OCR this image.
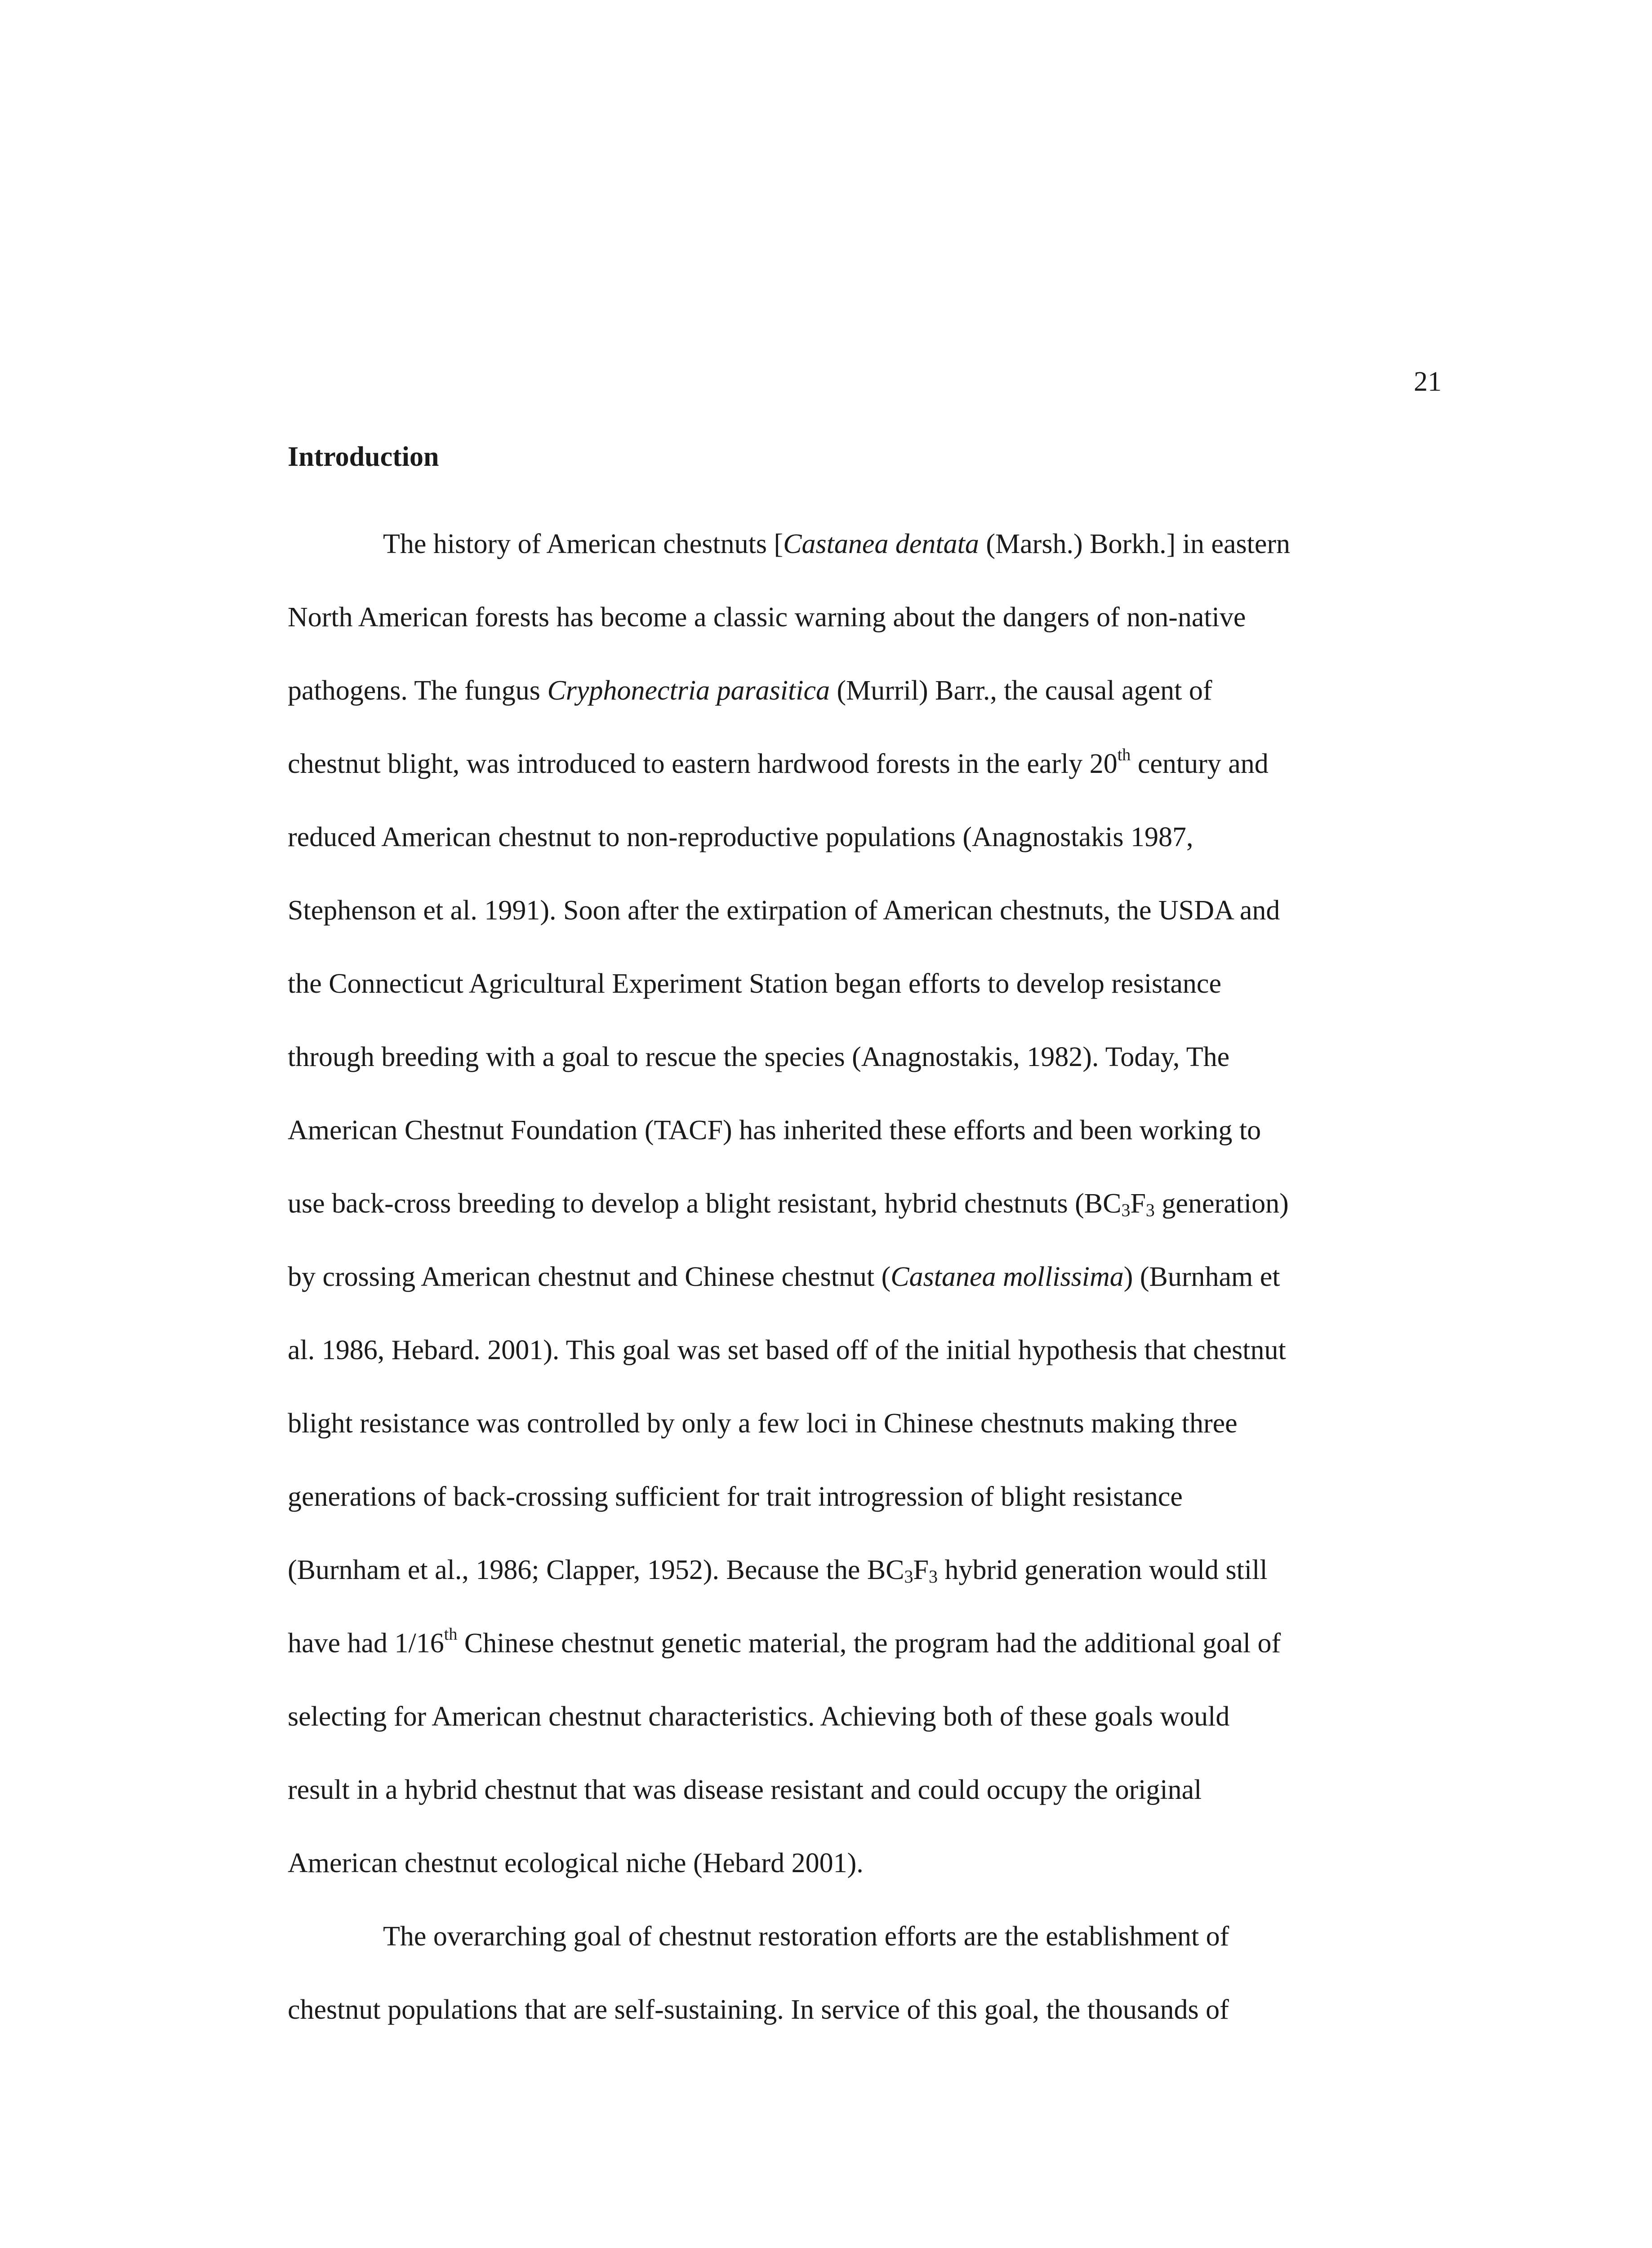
21
Introduction
The history of American chestnuts [Castanea dentata (Marsh.) Borkh.] in eastern
North American forests has become a classic warning about the dangers of non-native
pathogens. The fungus Cryphonectria parasitica (Murril) Barr., the causal agent of
chestnut blight, was introduced to eastern hardwood forests in the early 20th century and
reduced American chestnut to non-reproductive populations (Anagnostakis 1987,
Stephenson et al. 1991). Soon after the extirpation of American chestnuts, the USDA and
the Connecticut Agricultural Experiment Station began efforts to develop resistance
through breeding with a goal to rescue the species (Anagnostakis, 1982). Today, The
American Chestnut Foundation (TACF) has inherited these efforts and been working to
use back-cross breeding to develop a blight resistant, hybrid chestnuts ($BC_3F_3$ generation)
by crossing American chestnut and Chinese chestnut (Castanea mollissima) (Burnham et
al. 1986, Hebard. 2001). This goal was set based off of the initial hypothesis that chestnut
blight resistance was controlled by only a few loci in Chinese chestnuts making three
generations of back-crossing sufficient for trait introgression of blight resistance
(Burnham et al., 1986; Clapper, 1952). Because the $BC_3F_3$ hybrid generation would still
have had 1/16th Chinese chestnut genetic material, the program had the additional goal of
selecting for American chestnut characteristics. Achieving both of these goals would
result in a hybrid chestnut that was disease resistant and could occupy the original
American chestnut ecological niche (Hebard 2001).
The overarching goal of chestnut restoration efforts are the establishment of
chestnut populations that are self-sustaining. In service of this goal, the thousands of
